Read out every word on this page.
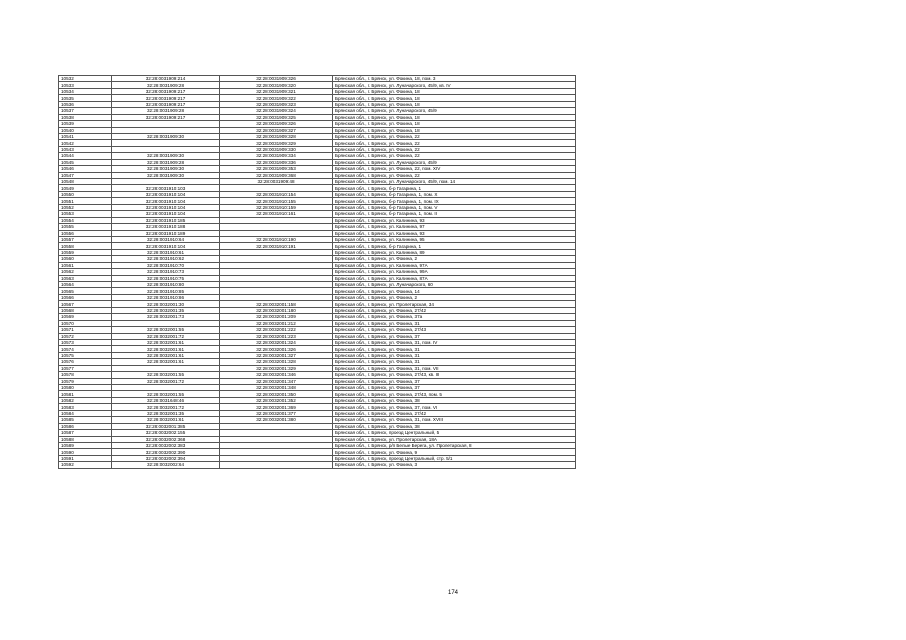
10532	32:28:0031909:214	32:28:0031909:326	Брянская обл., г. Брянск, ул. Фокина, 18, пом. 3
10533	32:28:0031909:28	32:28:0031909:320	Брянская обл., г. Брянск, ул. Луначарского, 45/9, кв. IV
10534	32:28:0031909:217	32:28:0031909:321	Брянская обл., г. Брянск, ул. Фокина, 18
10535	32:28:0031909:217	32:28:0031909:322	Брянская обл., г. Брянск, ул. Фокина, 18
10536	32:28:0031909:217	32:28:0031909:323	Брянская обл., г. Брянск, ул. Фокина, 18
10537	32:28:0031909:28	32:28:0031909:324	Брянская обл., г. Брянск, ул. Луначарского, 45/9
10538	32:28:0031909:217	32:28:0031909:325	Брянская обл., г. Брянск, ул. Фокина, 18
10539		32:28:0031909:326	Брянская обл., г. Брянск, ул. Фокина, 18
10540		32:28:0031909:327	Брянская обл., г. Брянск, ул. Фокина, 18
10541	32:28:0031909:30	32:28:0031909:328	Брянская обл., г. Брянск, ул. Фокина, 22
10542		32:28:0031909:329	Брянская обл., г. Брянск, ул. Фокина, 22
10543		32:28:0031909:330	Брянская обл., г. Брянск, ул. Фокина, 22
10544	32:28:0031909:30	32:28:0031909:334	Брянская обл., г. Брянск, ул. Фокина, 22
10545	32:28:0031909:28	32:28:0031909:336	Брянская обл., г. Брянск, ул. Луначарского, 45/9
10546	32:28:0031909:30	32:28:0031909:353	Брянская обл., г. Брянск, ул. Фокина, 22, пом. XIV
10547	32:28:0031909:30	32:28:0031909:368	Брянская обл., г. Брянск, ул. Фокина, 22
10548		32:28:0031909:48	Брянская обл., г. Брянск, ул. Луначарского, 45/9, пом. 14
10549	32:28:0031910:103		Брянская обл., г. Брянск, б-р Гагарина, 1
10550	32:28:0031910:104	32:28:0031910:154	Брянская обл., г. Брянск, б-р Гагарина, 1, пом. X
10551	32:28:0031910:104	32:28:0031910:155	Брянская обл., г. Брянск, б-р Гагарина, 1, пом. IX
10552	32:28:0031910:104	32:28:0031910:159	Брянская обл., г. Брянск, б-р Гагарина, 1, пом. V
10553	32:28:0031910:104	32:28:0031910:161	Брянская обл., г. Брянск, б-р Гагарина, 1, пом. II
10554	32:28:0031910:185		Брянская обл., г. Брянск, ул. Калинина, 93
10555	32:28:0031910:188		Брянская обл., г. Брянск, ул. Калинина, 97
10556	32:28:0031910:189		Брянская обл., г. Брянск, ул. Калинина, 93
10557	32:28:0031910:64	32:28:0031910:190	Брянская обл., г. Брянск, ул. Калинина, 95
10558	32:28:0031910:104	32:28:0031910:191	Брянская обл., г. Брянск, б-р Гагарина, 1
10559	32:28:0031910:61		Брянская обл., г. Брянск, ул. Калинина, 89
10560	32:28:0031910:62		Брянская обл., г. Брянск, ул. Фокина, 2
10561	32:28:0031910:70		Брянская обл., г. Брянск, ул. Калинина, 97А
10562	32:28:0031910:73		Брянская обл., г. Брянск, ул. Калинина, 99А
10563	32:28:0031910:75		Брянская обл., г. Брянск, ул. Калинина, 87А
10564	32:28:0031910:80		Брянская обл., г. Брянск, ул. Луначарского, 60
10565	32:28:0031910:85		Брянская обл., г. Брянск, ул. Фокина, 14
10566	32:28:0031910:86		Брянская обл., г. Брянск, ул. Фокина, 2
10567	32:28:0032001:30	32:28:0032001:158	Брянская обл., г. Брянск, ул. Пролетарская, 34
10568	32:28:0032001:35	32:28:0032001:180	Брянская обл., г. Брянск, ул. Фокина, 27/42
10569	32:28:0032001:73	32:28:0032001:209	Брянская обл., г. Брянск, ул. Фокина, 37а
10570		32:28:0032001:212	Брянская обл., г. Брянск, ул. Фокина, 31
10571	32:28:0032001:55	32:28:0032001:222	Брянская обл., г. Брянск, ул. Фокина, 27/43
10572	32:28:0032001:72	32:28:0032001:223	Брянская обл., г. Брянск, ул. Фокина, 37
10573	32:28:0032001:61	32:28:0032001:324	Брянская обл., г. Брянск, ул. Фокина, 31, пом. IV
10574	32:28:0032001:61	32:28:0032001:326	Брянская обл., г. Брянск, ул. Фокина, 31
10575	32:28:0032001:61	32:28:0032001:327	Брянская обл., г. Брянск, ул. Фокина, 31
10576	32:28:0032001:61	32:28:0032001:328	Брянская обл., г. Брянск, ул. Фокина, 31
10577		32:28:0032001:329	Брянская обл., г. Брянск, ул. Фокина, 31, пом. VII
10578	32:28:0032001:55	32:28:0032001:346	Брянская обл., г. Брянск, ул. Фокина, 27/43, кв. III
10579	32:28:0032001:72	32:28:0032001:347	Брянская обл., г. Брянск, ул. Фокина, 37
10580		32:28:0032001:348	Брянская обл., г. Брянск, ул. Фокина, 37
10581	32:28:0032001:55	32:28:0032001:350	Брянская обл., г. Брянск, ул. Фокина, 27/43, пом. 5
10582	32:28:0031648:46	32:28:0032001:352	Брянская обл., г. Брянск, ул. Фокина, 38
10583	32:28:0032001:72	32:28:0032001:369	Брянская обл., г. Брянск, ул. Фокина, 37, пом. VI
10584	32:28:0032001:35	32:28:0032001:377	Брянская обл., г. Брянск, ул. Фокина, 27/42
10585	32:28:0032001:61	32:28:0032001:380	Брянская обл., г. Брянск, ул. Фокина, 31, пом. XVIII
10586	32:28:0032001:385		Брянская обл., г. Брянск, ул. Фокина, 38
10587	32:28:0032002:155		Брянская обл., г. Брянск, проезд Центральный, 5
10588	32:28:0032002:368		Брянская обл., г. Брянск, ул. Пролетарская, 18А
10589	32:28:0032002:383		Брянская обл., г. Брянск, р/п Белые Берега, ул. Пролетарская, 8
10590	32:28:0032002:390		Брянская обл., г. Брянск, ул. Фокина, 9
10591	32:28:0032002:394		Брянская обл., г. Брянск, проезд Центральный, стр. 5/1
10592	32:28:0032002:64		Брянская обл., г. Брянск, ул. Фокина, 3
174
